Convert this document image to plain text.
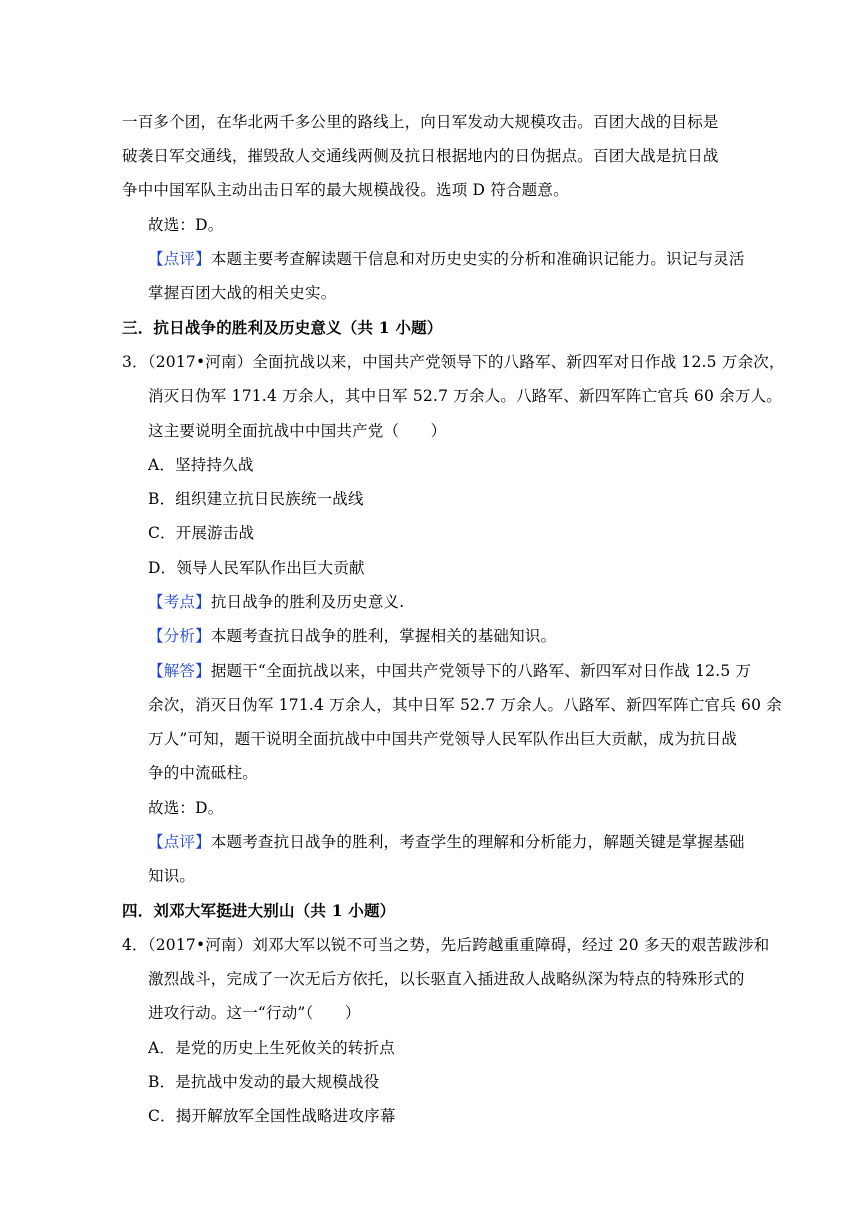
一百多个团，在华北两千多公里的路线上，向日军发动大规模攻击。百团大战的目标是
破袭日军交通线，摧毁敌人交通线两侧及抗日根据地内的日伪据点。百团大战是抗日战
争中中国军队主动出击日军的最大规模战役。选项 D 符合题意。
故选：D。
【点评】本题主要考查解读题干信息和对历史史实的分析和准确识记能力。识记与灵活
掌握百团大战的相关史实。
三．抗日战争的胜利及历史意义（共 1 小题）
3．（2017•河南）全面抗战以来，中国共产党领导下的八路军、新四军对日作战 12.5 万余次，
消灭日伪军 171.4 万余人，其中日军 52.7 万余人。八路军、新四军阵亡官兵 60 余万人。
这主要说明全面抗战中中国共产党（　　）
A．坚持持久战
B．组织建立抗日民族统一战线
C．开展游击战
D．领导人民军队作出巨大贡献
【考点】抗日战争的胜利及历史意义.
【分析】本题考查抗日战争的胜利，掌握相关的基础知识。
【解答】据题干“全面抗战以来，中国共产党领导下的八路军、新四军对日作战 12.5 万
余次，消灭日伪军 171.4 万余人，其中日军 52.7 万余人。八路军、新四军阵亡官兵 60 余
万人”可知，题干说明全面抗战中中国共产党领导人民军队作出巨大贡献，成为抗日战
争的中流砥柱。
故选：D。
【点评】本题考查抗日战争的胜利，考查学生的理解和分析能力，解题关键是掌握基础
知识。
四．刘邓大军挺进大别山（共 1 小题）
4．（2017•河南）刘邓大军以锐不可当之势，先后跨越重重障碍，经过 20 多天的艰苦跋涉和
激烈战斗，完成了一次无后方依托，以长驱直入插进敌人战略纵深为特点的特殊形式的
进攻行动。这一“行动”（　　）
A．是党的历史上生死攸关的转折点
B．是抗战中发动的最大规模战役
C．揭开解放军全国性战略进攻序幕
